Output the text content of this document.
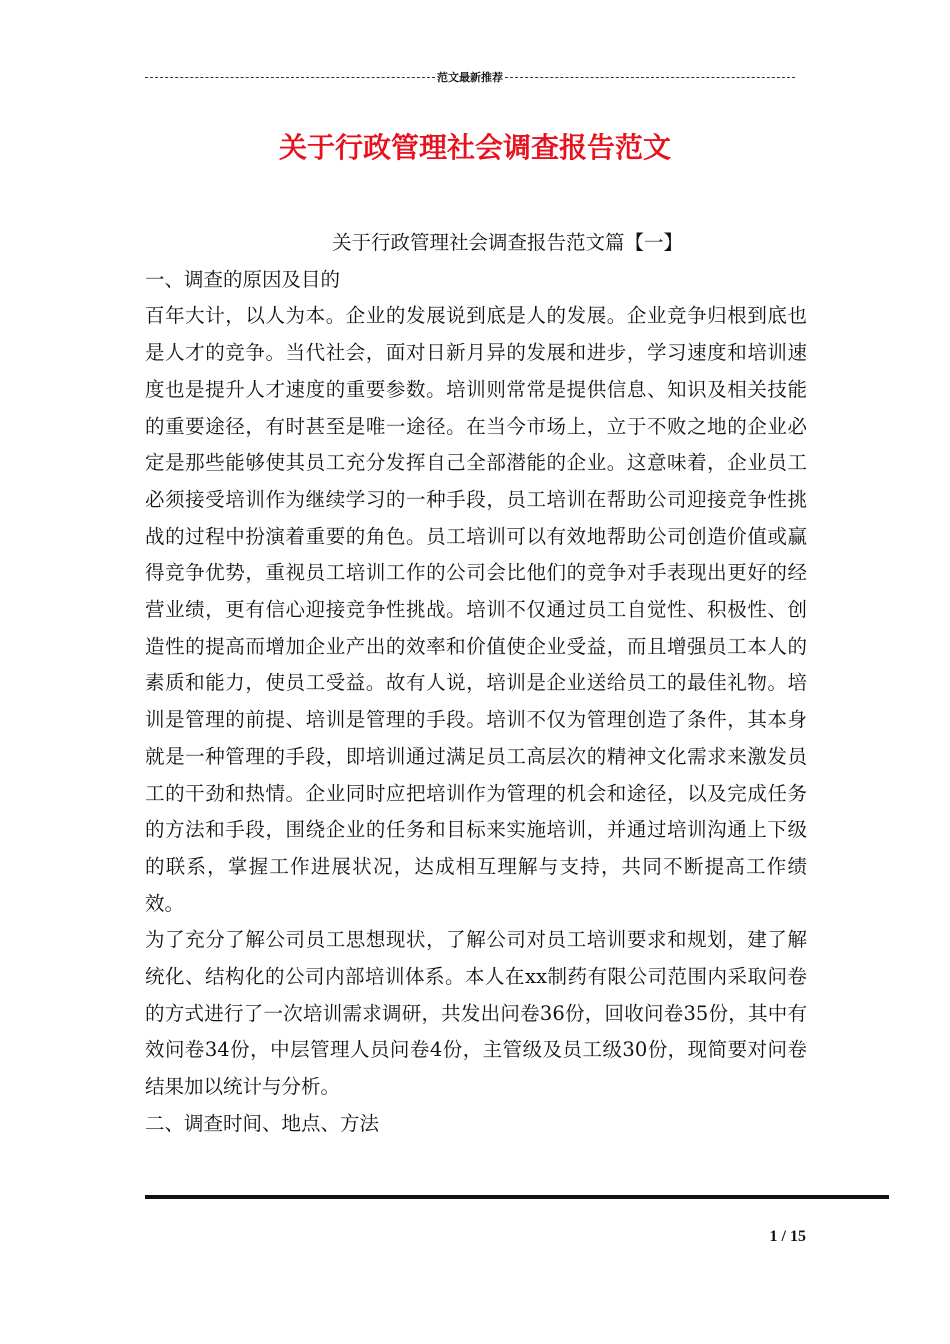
范文最新推荐
关于行政管理社会调查报告范文

关于行政管理社会调查报告范文篇【一】

一、调查的原因及目的

百年大计，以人为本。企业的发展说到底是人的发展。企业竞争归根到底也是人才的竞争。当代社会，面对日新月异的发展和进步，学习速度和培训速度也是提升人才速度的重要参数。培训则常常是提供信息、知识及相关技能的重要途径，有时甚至是唯一途径。在当今市场上，立于不败之地的企业必定是那些能够使其员工充分发挥自己全部潜能的企业。这意味着，企业员工必须接受培训作为继续学习的一种手段，员工培训在帮助公司迎接竞争性挑战的过程中扮演着重要的角色。员工培训可以有效地帮助公司创造价值或赢得竞争优势，重视员工培训工作的公司会比他们的竞争对手表现出更好的经营业绩，更有信心迎接竞争性挑战。培训不仅通过员工自觉性、积极性、创造性的提高而增加企业产出的效率和价值使企业受益，而且增强员工本人的素质和能力，使员工受益。故有人说，培训是企业送给员工的最佳礼物。培训是管理的前提、培训是管理的手段。培训不仅为管理创造了条件，其本身就是一种管理的手段，即培训通过满足员工高层次的精神文化需求来激发员工的干劲和热情。企业同时应把培训作为管理的机会和途径，以及完成任务的方法和手段，围绕企业的任务和目标来实施培训，并通过培训沟通上下级的联系，掌握工作进展状况，达成相互理解与支持，共同不断提高工作绩效。

为了充分了解公司员工思想现状，了解公司对员工培训要求和规划，建了解统化、结构化的公司内部培训体系。本人在xx制药有限公司范围内采取问卷的方式进行了一次培训需求调研，共发出问卷36份，回收问卷35份，其中有效问卷34份，中层管理人员问卷4份，主管级及员工级30份，现简要对问卷结果加以统计与分析。

二、调查时间、地点、方法

1 / 15
